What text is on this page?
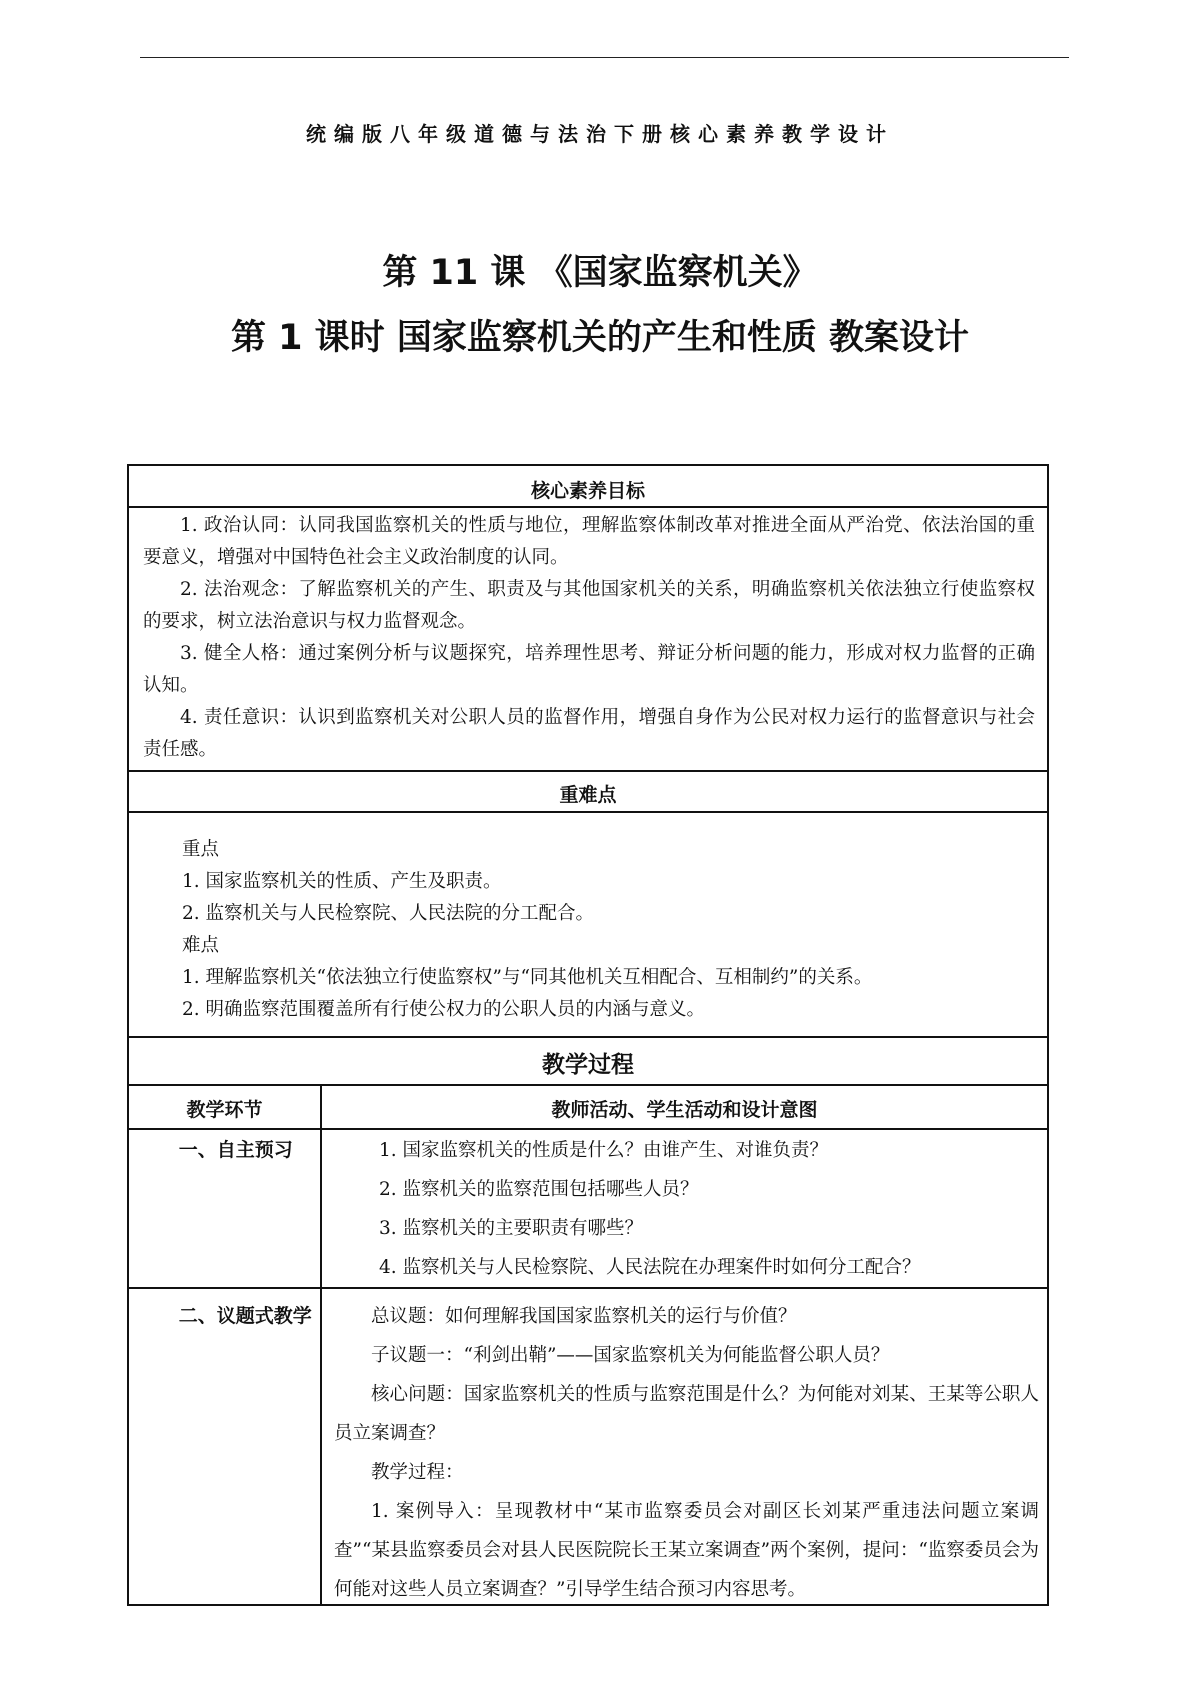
统编版八年级道德与法治下册核心素养教学设计
第 11 课 《国家监察机关》
第 1 课时 国家监察机关的产生和性质 教案设计
核心素养目标
1. 政治认同：认同我国监察机关的性质与地位，理解监察体制改革对推进全面从严治党、依法治国的重要意义，增强对中国特色社会主义政治制度的认同。
2. 法治观念：了解监察机关的产生、职责及与其他国家机关的关系，明确监察机关依法独立行使监察权的要求，树立法治意识与权力监督观念。
3. 健全人格：通过案例分析与议题探究，培养理性思考、辩证分析问题的能力，形成对权力监督的正确认知。
4. 责任意识：认识到监察机关对公职人员的监督作用，增强自身作为公民对权力运行的监督意识与社会责任感。
重难点
重点
1. 国家监察机关的性质、产生及职责。
2. 监察机关与人民检察院、人民法院的分工配合。
难点
1. 理解监察机关“依法独立行使监察权”与“同其他机关互相配合、互相制约”的关系。
2. 明确监察范围覆盖所有行使公权力的公职人员的内涵与意义。
教学过程
教学环节	教师活动、学生活动和设计意图
一、自主预习	1. 国家监察机关的性质是什么？由谁产生、对谁负责？
2. 监察机关的监察范围包括哪些人员？
3. 监察机关的主要职责有哪些？
4. 监察机关与人民检察院、人民法院在办理案件时如何分工配合？
二、议题式教学	总议题：如何理解我国国家监察机关的运行与价值？
子议题一：“利剑出鞘”——国家监察机关为何能监督公职人员？
核心问题：国家监察机关的性质与监察范围是什么？为何能对刘某、王某等公职人员立案调查？
教学过程：
1. 案例导入：呈现教材中“某市监察委员会对副区长刘某严重违法问题立案调查”“某县监察委员会对县人民医院院长王某立案调查”两个案例，提问：“监察委员会为何能对这些人员立案调查？”引导学生结合预习内容思考。
